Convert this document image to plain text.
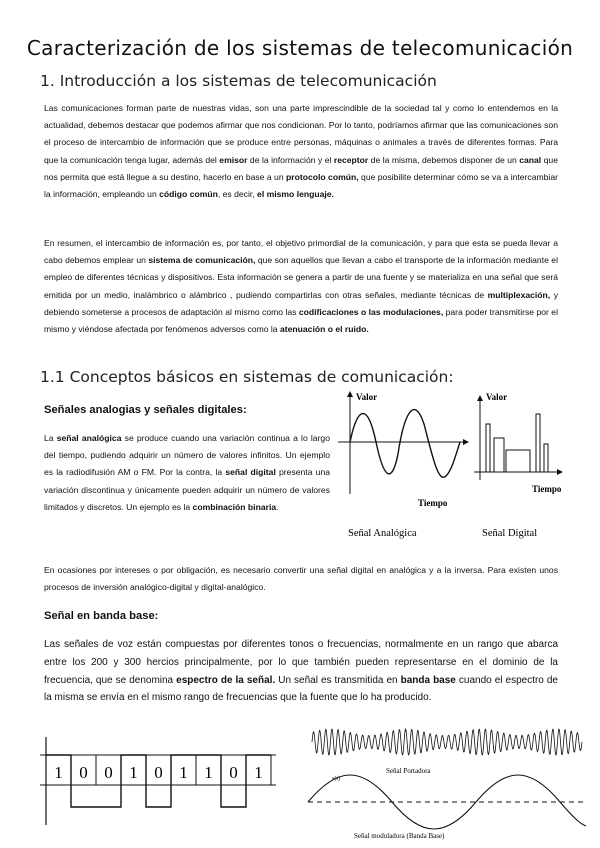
Caracterización de los sistemas de telecomunicación
1. Introducción a los sistemas de telecomunicación

Las comunicaciones forman parte de nuestras vidas, son una parte imprescindible de la sociedad tal y como lo entendemos en la actualidad, debemos destacar que podemos afirmar que nos condicionan. Por lo tanto, podríamos afirmar que las comunicaciones son el proceso de intercambio de información que se produce entre personas, máquinas o animales a través de diferentes formas. Para que la comunicación tenga lugar, además del emisor de la información y el receptor de la misma, debemos disponer de un canal que nos permita que está llegue a su destino, hacerlo en base a un protocolo común, que posibilite determinar cómo se va a intercambiar la información, empleando un código común, es decir, el mismo lenguaje.

En resumen, el intercambio de información es, por tanto, el objetivo primordial de la comunicación, y para que esta se pueda llevar a cabo debemos emplear un sistema de comunicación, que son aquellos que llevan a cabo el transporte de la información mediante el empleo de diferentes técnicas y dispositivos. Esta información se genera a partir de una fuente y se materializa en una señal que será emitida por un medio, inalámbrico o alámbrico , pudiendo compartirlas con otras señales, mediante técnicas de multiplexación, y debiendo someterse a procesos de adaptación al mismo como las codificaciones o las modulaciones, para poder transmitirse por el mismo y viéndose afectada por fenómenos adversos como la atenuación o el ruido.

1.1 Conceptos básicos en sistemas de comunicación:
Señales analogias y señales digitales:

La señal analógica se produce cuando una variación continua a lo largo del tiempo, pudiendo adquirir un número de valores infinitos. Un ejemplo es la radiodifusión AM o FM. Por la contra, la señal digital presenta una variación discontinua y únicamente pueden adquirir un número de valores limitados y discretos. Un ejemplo es la combinación binaria.

Valor
Tiempo
Señal Analógica
Valor
Tiempo
Señal Digital

En ocasiones por intereses o por obligación, es necesario convertir una señal digital en analógica y a la inversa. Para existen unos procesos de inversión analógico-digital y digital-analógico.

Señal en banda base:

Las señales de voz están compuestas por diferentes tonos o frecuencias, normalmente en un rango que abarca entre los 200 y 300 hercios principalmente, por lo que también pueden representarse en el dominio de la frecuencia, que se denomina espectro de la señal. Un señal es transmitida en banda base cuando el espectro de la misma se envía en el mismo rango de frecuencias que la fuente que lo ha producido.

1 0 0 1 0 1 1 0 1	Señal Portadora
s(t)
Señal moduladora (Banda Base)
